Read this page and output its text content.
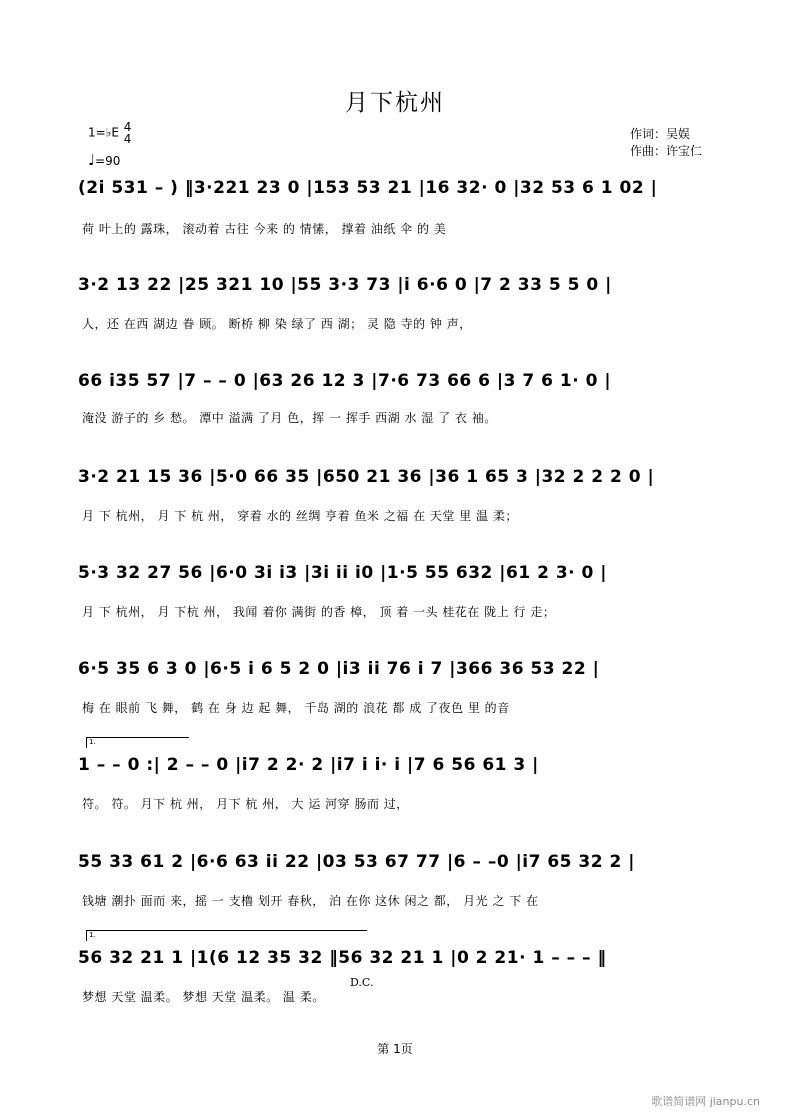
月下杭州
1=♭E 4
4
♩=90
作词：吴娱
作曲：许宝仁
(2i 531 – ) ‖3·221 23 0 |153 53 21 |16 32· 0 |32 53 6 1 02 |
荷 叶上的 露珠， 滚动着 古往 今来 的 情愫， 撑着 油纸 伞 的 美
3·2 13 22 |25 321 10 |55 3·3 73 |i 6·6 0 |7 2 33 5 5 0 |
人，还 在西 湖边 眷 顾。 断桥 柳 染 绿了 西 湖； 灵 隐 寺的 钟 声，
66 i35 57 |7 – – 0 |63 26 12 3 |7·6 73 66 6 |3 7 6 1· 0 |
淹没 游子的 乡 愁。 潭中 溢满 了月 色，挥 一 挥手 西湖 水 湿 了 衣 袖。
3·2 21 15 36 |5·0 66 35 |650 21 36 |36 1 65 3 |32 2 2 2 0 |
月 下 杭州， 月 下 杭 州， 穿着 水的 丝绸 亨着 鱼米 之福 在 天堂 里 温 柔；
5·3 32 27 56 |6·0 3i i3 |3i ii i0 |1·5 55 632 |61 2 3· 0 |
月 下 杭州， 月 下杭 州， 我闻 着你 满街 的香 樟， 顶 着 一头 桂花在 陇上 行 走；
6·5 35 6 3 0 |6·5 i 6 5 2 0 |i3 ii 76 i 7 |366 36 53 22 |
梅 在 眼前 飞 舞， 鹤 在 身 边 起 舞， 千岛 湖的 浪花 都 成 了夜色 里 的音
1.
1 – – 0 :| 2 – – 0 |i7 2 2· 2 |i7 i i· i |7 6 56 61 3 |
符。 符。 月下 杭 州， 月下 杭 州， 大 运 河穿 肠而 过，
55 33 61 2 |6·6 63 ii 22 |03 53 67 77 |6 – –0 |i7 65 32 2 |
钱塘 潮扑 面而 来，摇 一 支橹 划开 春秋， 泊 在你 这休 闲之 都， 月光 之 下 在
1.
56 32 21 1 |1(6 12 35 32 ‖56 32 21 1 |0 2 21· 1 – – – ‖
D.C.
梦想 天堂 温柔。 梦想 天堂 温柔。 温 柔。
第 1页
歌谱简谱网 jianpu.cn
